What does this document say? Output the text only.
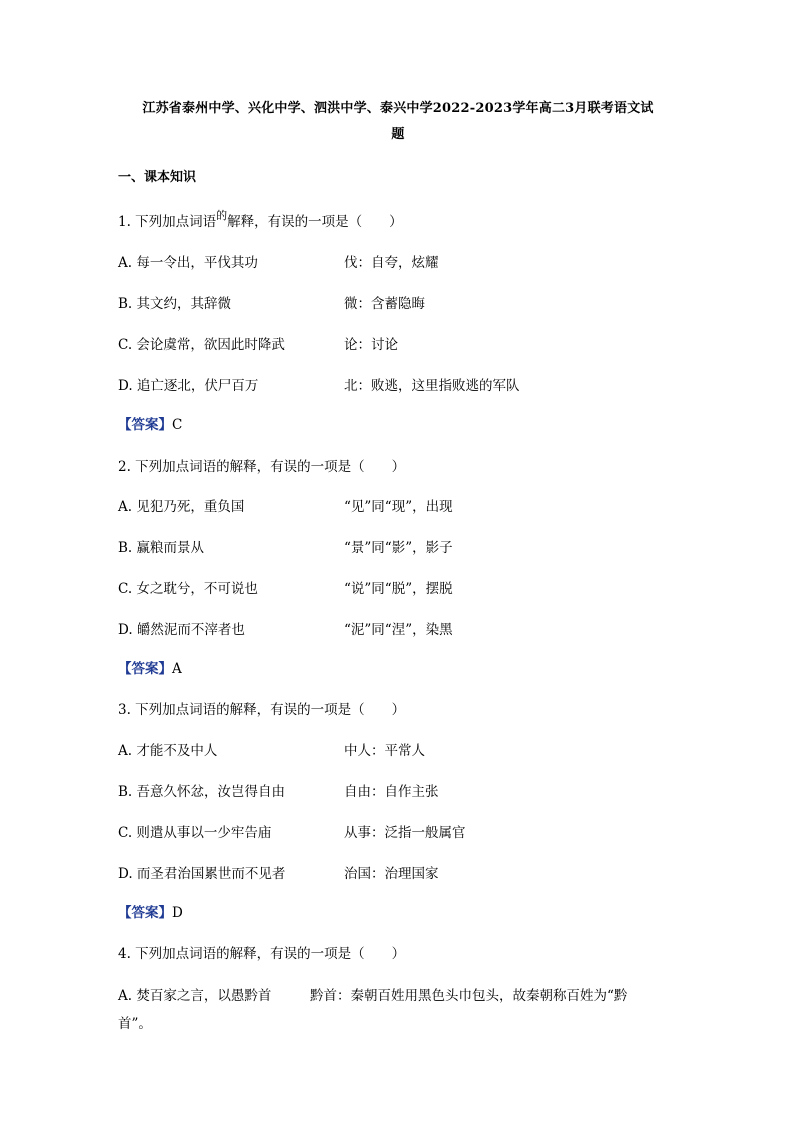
江苏省泰州中学、兴化中学、泗洪中学、泰兴中学2022-2023学年高二3月联考语文试
题
一、课本知识
1. 下列加点词语$^的$解释，有误的一项是（　　）
A. 每一令出，平伐其功	伐：自夸，炫耀
B. 其文约，其辞微	微：含蓄隐晦
C. 会论虞常，欲因此时降武	论：讨论
D. 追亡逐北，伏尸百万	北：败逃，这里指败逃的军队
【答案】C
2. 下列加点词语的解释，有误的一项是（　　）
A. 见犯乃死，重负国	“见”同“现”，出现
B. 赢粮而景从	“景”同“影”，影子
C. 女之耽兮，不可说也	“说”同“脱”，摆脱
D. 皭然泥而不滓者也	“泥”同“涅”，染黑
【答案】A
3. 下列加点词语的解释，有误的一项是（　　）
A. 才能不及中人	中人：平常人
B. 吾意久怀忿，汝岂得自由	自由：自作主张
C. 则遣从事以一少牢告庙	从事：泛指一般属官
D. 而圣君治国累世而不见者	治国：治理国家
【答案】D
4. 下列加点词语的解释，有误的一项是（　　）
A. 焚百家之言，以愚黔首	黔首：秦朝百姓用黑色头巾包头，故秦朝称百姓为“黔
首”。
